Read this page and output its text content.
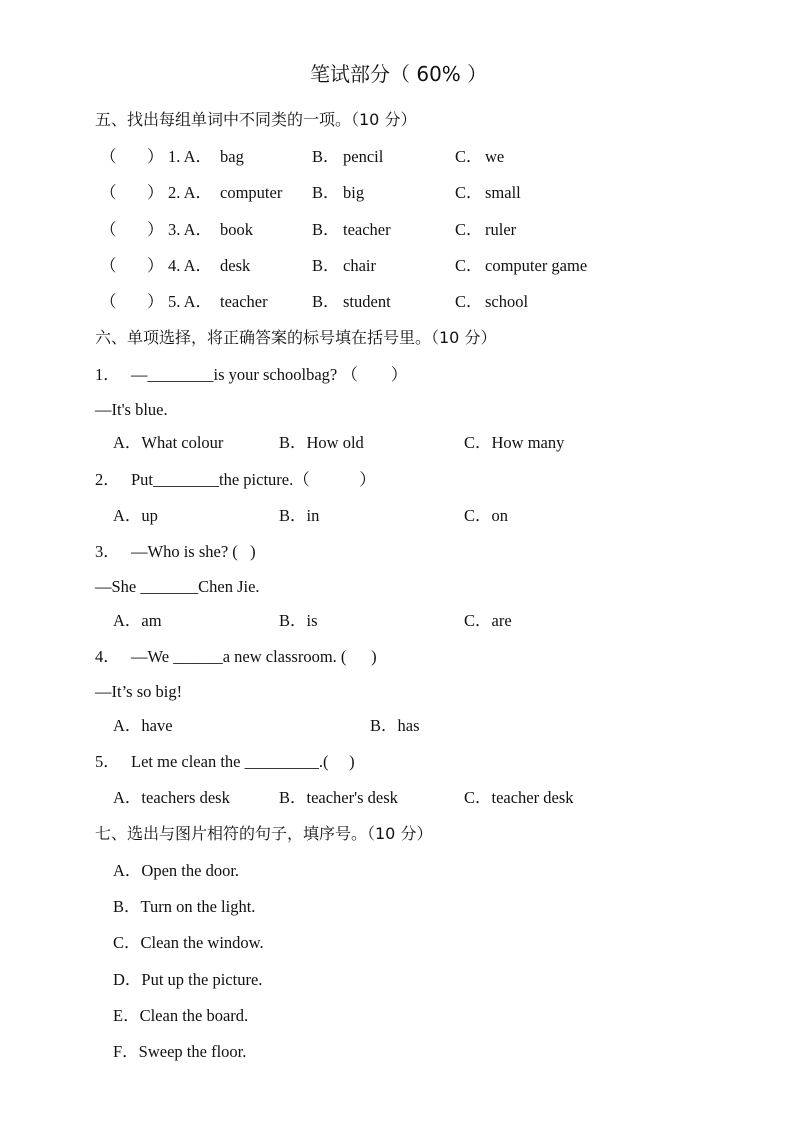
笔试部分（ 60% ）
五、找出每组单词中不同类的一项。（10 分）
（ ） 1. A． bag	B． pencil	C． we
（ ） 2. A． computer B． big	C． small
（ ） 3. A． book	B． teacher	C． ruler
（ ） 4. A． desk	B． chair	C． computer game
（ ） 5. A． teacher	B． student	C． school
六、单项选择，将正确答案的标号填在括号里。（10 分）
1． —________is your schoolbag? （　　）
—It's blue.
A．What colour	B．How old	C．How many
2． Put________the picture.（　　　）
A．up	B．in	C．on
3． —Who is she? (   )
—She _______Chen Jie.
A．am	B．is	C．are
4． —We ______a new classroom. (      )
—It’s so big!
A．have	B．has
5． Let me clean the _________.(     )
A．teachers desk	B．teacher's desk	C．teacher desk
七、选出与图片相符的句子，填序号。（10 分）
A．Open the door.
B．Turn on the light.
C．Clean the window.
D．Put up the picture.
E．Clean the board.
F．Sweep the floor.
